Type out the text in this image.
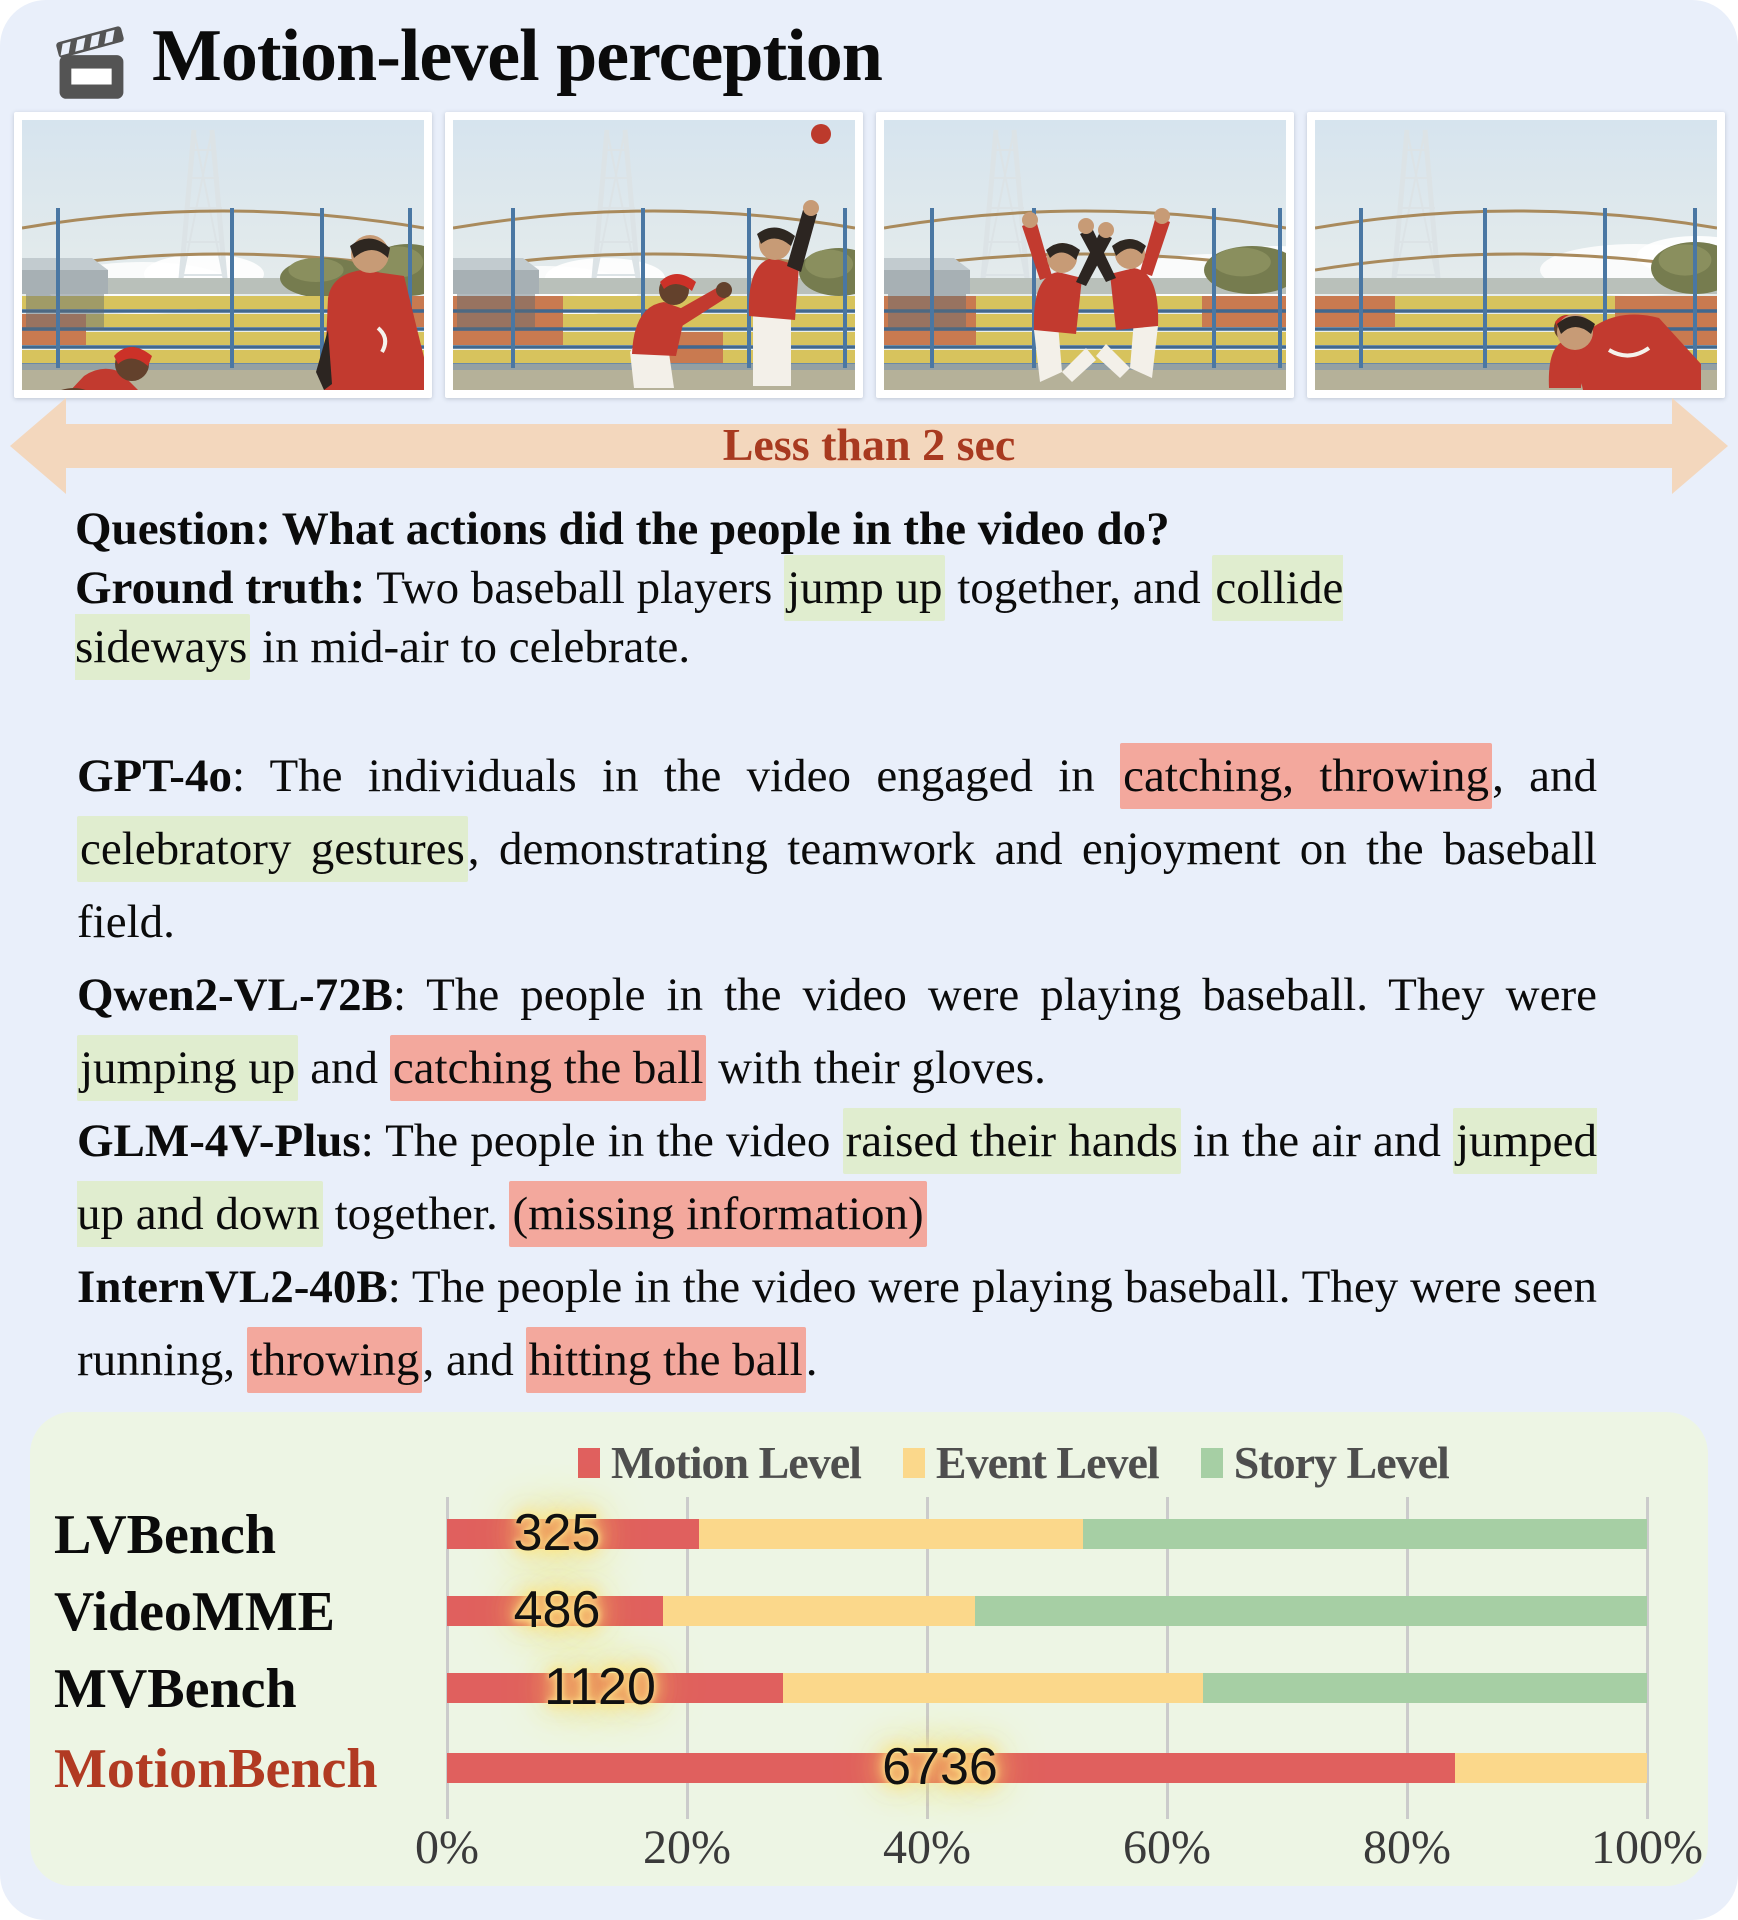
Motion-level perception
Less than 2 sec
Question: What actions did the people in the video do?
Ground truth: Two baseball players jump up together, and collide sideways in mid-air to celebrate.

GPT-4o: The individuals in the video engaged in catching, throwing, and celebratory gestures, demonstrating teamwork and enjoyment on the baseball field.

Qwen2-VL-72B: The people in the video were playing baseball. They were jumping up and catching the ball with their gloves.

GLM-4V-Plus: The people in the video raised their hands in the air and jumped up and down together. (missing information)

InternVL2-40B: The people in the video were playing baseball. They were seen running, throwing, and hitting the ball.

Motion Level Event Level Story Level
LVBench	325
VideoMME	486
MVBench	1120
MotionBench	6736
0%	20%	40%	60%	80%	100%
